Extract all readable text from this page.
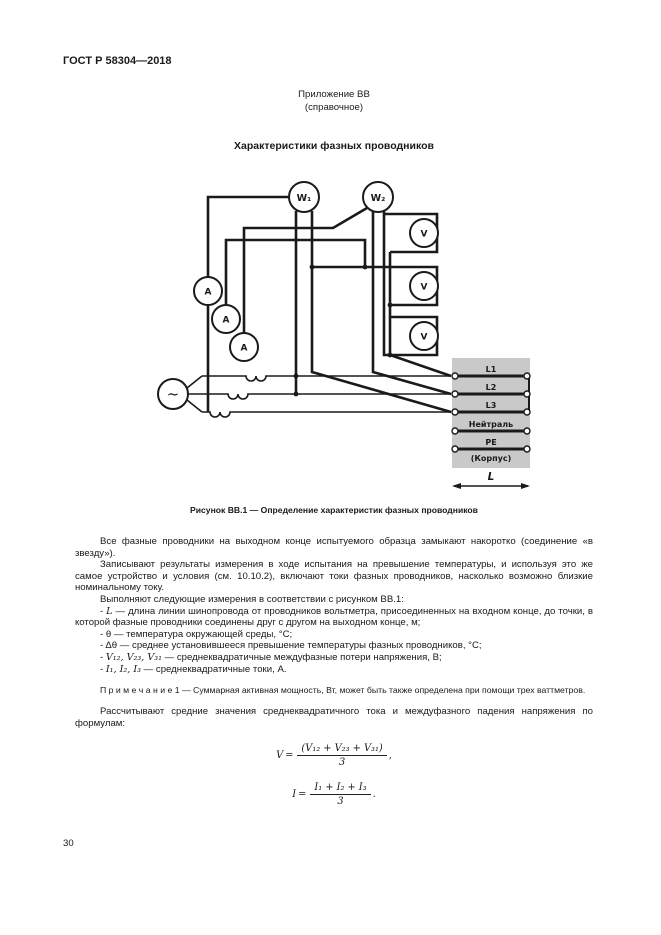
ГОСТ Р 58304—2018
Приложение ВВ
(справочное)
Характеристики фазных проводников
L1
L2
L3
Нейтраль
PE
(Корпус)
~
A
A
A
W₁	W₂
V
V
V
L
Рисунок ВВ.1 — Определение характеристик фазных проводников

Все фазные проводники на выходном конце испытуемого образца замыкают накоротко (соединение «в звезду»).

Записывают результаты измерения в ходе испытания на превышение температуры, и используя это же самое устройство и условия (см. 10.10.2), включают токи фазных проводников, насколько возможно близкие номинальному току.

Выполняют следующие измерения в соответствии с рисунком ВВ.1:

- L — длина линии шинопровода от проводников вольтметра, присоединенных на входном конце, до точки, в которой фазные проводники соединены друг с другом на выходном конце, м;
- θ — температура окружающей среды, °С;
- Δθ — среднее установившееся превышение температуры фазных проводников, °С;
- V₁₂, V₂₃, V₃₁ — среднеквадратичные междуфазные потери напряжения, В;
- I₁, I₂, I₃ — среднеквадратичные токи, А.

П р и м е ч а н и е 1 — Суммарная активная мощность, Вт, может быть также определена при помощи трех ваттметров.

Рассчитывают средние значения среднеквадратичного тока и междуфазного падения напряжения по формулам:

$V = \frac{\text{(V₁₂ + V₂₃ + V₃₁)}}{3}$ ,
$I = \frac{\text{I₁ + I₂ + I₃}}{3}$ .
30
